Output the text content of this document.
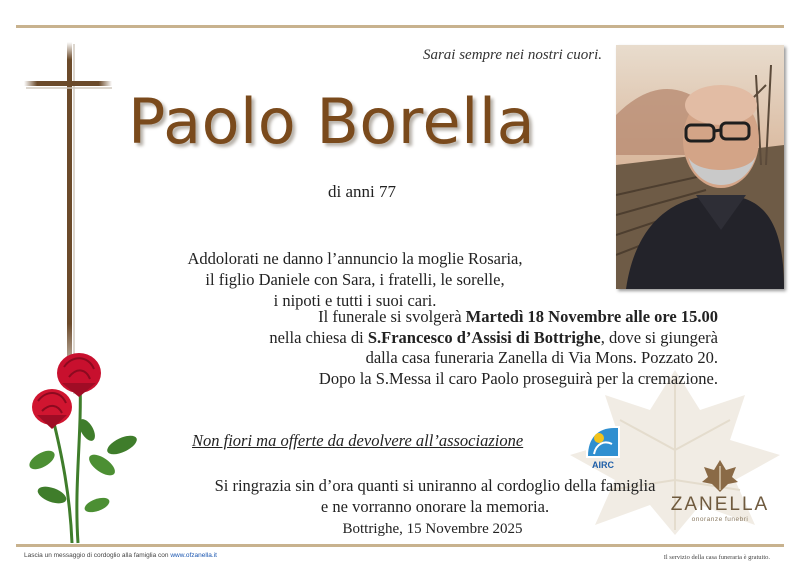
Sarai sempre nei nostri cuori.
Paolo Borella
di anni 77
Addolorati ne danno l’annuncio la moglie Rosaria,
il figlio Daniele con Sara, i fratelli, le sorelle,
i nipoti e tutti i suoi cari.
Il funerale si svolgerà Martedì 18 Novembre alle ore 15.00
nella chiesa di S.Francesco d’Assisi di Bottrighe, dove si giungerà
dalla casa funeraria Zanella di Via Mons. Pozzato 20.
Dopo la S.Messa il caro Paolo proseguirà per la cremazione.
Non fiori ma offerte da devolvere all’associazione
AIRC
Si ringrazia sin d’ora quanti si uniranno al cordoglio della famiglia
e ne vorranno onorare la memoria.
Bottrighe, 15 Novembre 2025
ZANELLA
onoranze funebri
Lascia un messaggio di cordoglio alla famiglia con www.ofzanella.it	Il servizio della casa funeraria è gratuito.
